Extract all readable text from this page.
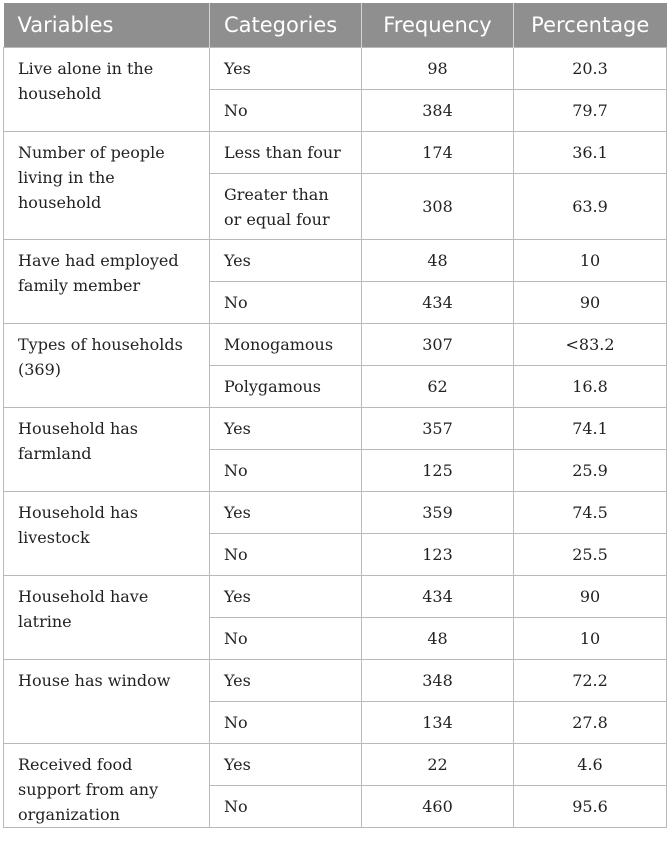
Variables	Categories	Frequency	Percentage
Live alone in the
household	Yes	98	20.3
	No	384	79.7
Number of people
living in the
household	Less than four	174	36.1
	Greater than
or equal four	308	63.9
Have had employed
family member	Yes	48	10
	No	434	90
Types of households
(369)	Monogamous	307	<83.2
	Polygamous	62	16.8
Household has
farmland	Yes	357	74.1
	No	125	25.9
Household has
livestock	Yes	359	74.5
	No	123	25.5
Household have
latrine	Yes	434	90
	No	48	10
House has window	Yes	348	72.2
	No	134	27.8
Received food
support from any
organization	Yes	22	4.6
	No	460	95.6
